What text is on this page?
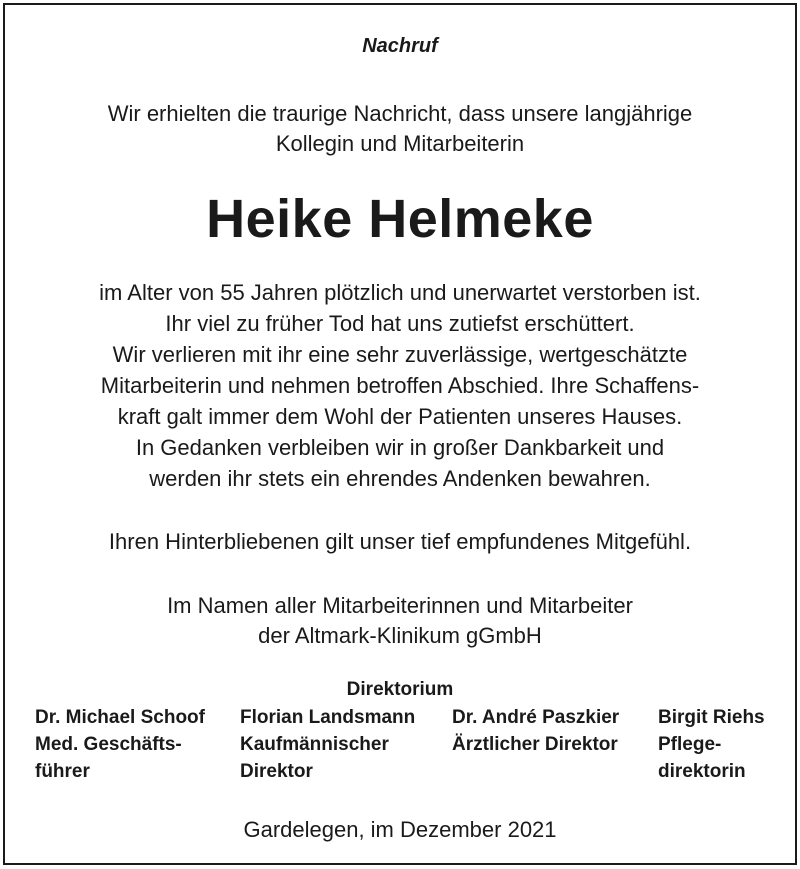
Nachruf
Wir erhielten die traurige Nachricht, dass unsere langjährige
Kollegin und Mitarbeiterin
Heike Helmeke
im Alter von 55 Jahren plötzlich und unerwartet verstorben ist.
Ihr viel zu früher Tod hat uns zutiefst erschüttert.
Wir verlieren mit ihr eine sehr zuverlässige, wertgeschätzte
Mitarbeiterin und nehmen betroffen Abschied. Ihre Schaffens-
kraft galt immer dem Wohl der Patienten unseres Hauses.
In Gedanken verbleiben wir in großer Dankbarkeit und
werden ihr stets ein ehrendes Andenken bewahren.
Ihren Hinterbliebenen gilt unser tief empfundenes Mitgefühl.
Im Namen aller Mitarbeiterinnen und Mitarbeiter
der Altmark-Klinikum gGmbH
Direktorium
Dr. Michael Schoof
Med. Geschäfts-
führer
Florian Landsmann
Kaufmännischer
Direktor
Dr. André Paszkier
Ärztlicher Direktor
Birgit Riehs
Pflege-
direktorin
Gardelegen, im Dezember 2021
